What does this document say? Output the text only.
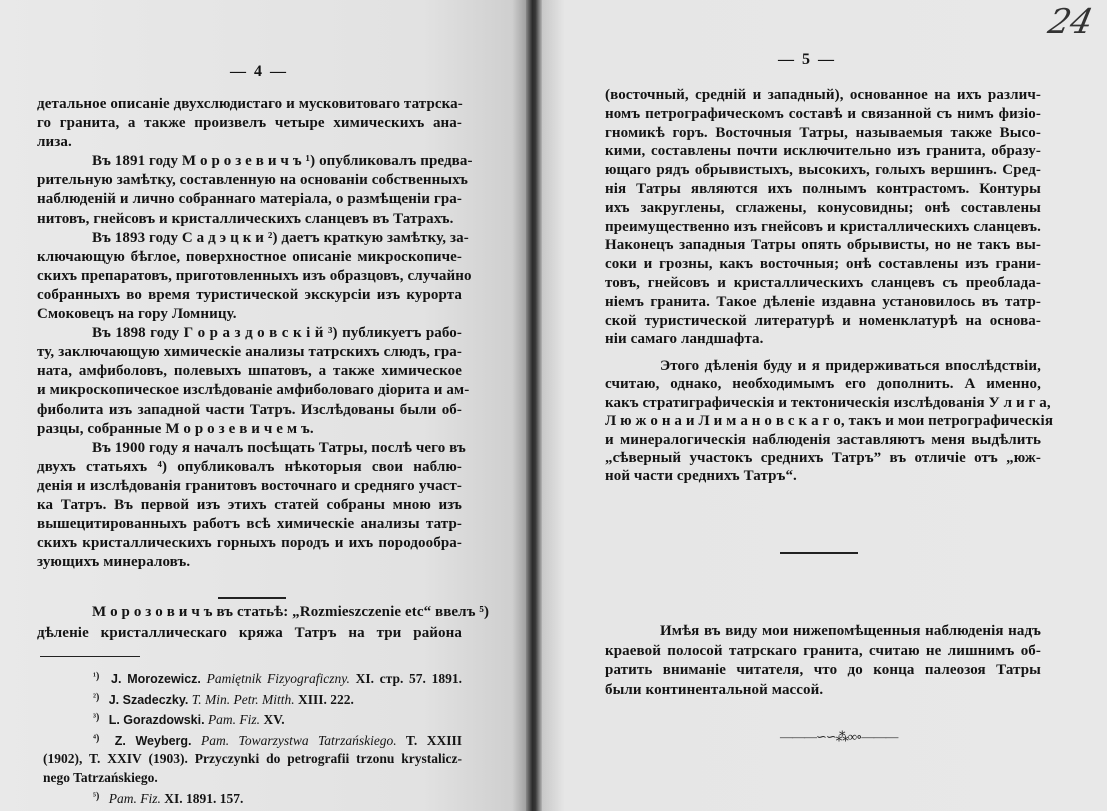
— 4 —
детальное описаніе двухслюдистаго и мусковитоваго татрска-
го гранита, а также произвелъ четыре химическихъ ана-
лиза.
Въ 1891 году М о р о з е в и ч ъ ¹) опубликовалъ предва-
рительную замѣтку, составленную на основаніи собственныхъ
наблюденій и лично собраннаго матеріала, о размѣщеніи гра-
нитовъ, гнейсовъ и кристаллическихъ сланцевъ въ Татрахъ.
Въ 1893 году С а д э ц к и ²) даетъ краткую замѣтку, за-
ключающую бѣглое, поверхностное описаніе микроскопиче-
скихъ препаратовъ, приготовленныхъ изъ образцовъ, случайно
собранныхъ во время туристической экскурсіи изъ курорта
Смоковецъ на гору Ломницу.
Въ 1898 году Г о р а з д о в с к і й ³) публикуетъ рабо-
ту, заключающую химическіе анализы татрскихъ слюдъ, гра-
ната, амфиболовъ, полевыхъ шпатовъ, а также химическое
и микроскопическое изслѣдованіе амфиболоваго діорита и ам-
фиболита изъ западной части Татръ. Изслѣдованы были об-
разцы, собранные М о р о з е в и ч е м ъ.
Въ 1900 году я началъ посѣщать Татры, послѣ чего въ
двухъ статьяхъ ⁴) опубликовалъ нѣкоторыя свои наблю-
денія и изслѣдованія гранитовъ восточнаго и средняго участ-
ка Татръ. Въ первой изъ этихъ статей собраны мною изъ
вышецитированныхъ работъ всѣ химическіе анализы татр-
скихъ кристаллическихъ горныхъ породъ и ихъ породообра-
зующихъ минераловъ.
М о р о з о в и ч ъ въ статьѣ: „Rozmieszczenie etc“ ввелъ ⁵)
дѣленіе кристаллическаго кряжа Татръ на три района
$^{^1)}$ J. Morozewicz. Pamiętnik Fizyograficzny. XI. стр. 57. 1891.
$^{^2)}$ J. Szadeczky. T. Min. Petr. Mitth. XIII. 222.
$^{^3)}$ L. Gorazdowski. Pam. Fiz. XV.
$^{^4)}$ Z. Weyberg. Pam. Towarzystwa Tatrzańskiego. T. XXIII
(1902), T. XXIV (1903). Przyczynki do petrografii trzonu krystalicz-
nego Tatrzańskiego.
$^{^5)}$ Pam. Fiz. XI. 1891. 157.
— 5 —
24
(восточный, средній и западный), основанное на ихъ различ-
номъ петрографическомъ составѣ и связанной съ нимъ физіо-
гномикѣ горъ. Восточныя Татры, называемыя также Высо-
кими, составлены почти исключительно изъ гранита, образу-
ющаго рядъ обрывистыхъ, высокихъ, голыхъ вершинъ. Сред-
нія Татры являются ихъ полнымъ контрастомъ. Контуры
ихъ закруглены, сглажены, конусовидны; онѣ составлены
преимущественно изъ гнейсовъ и кристаллическихъ сланцевъ.
Наконецъ западныя Татры опять обрывисты, но не такъ вы-
соки и грозны, какъ восточныя; онѣ составлены изъ грани-
товъ, гнейсовъ и кристаллическихъ сланцевъ съ преоблада-
ніемъ гранита. Такое дѣленіе издавна установилось въ татр-
ской туристической литературѣ и номенклатурѣ на основа-
ніи самаго ландшафта.
Этого дѣленія буду и я придерживаться впослѣдствіи,
считаю, однако, необходимымъ его дополнить. А именно,
какъ стратиграфическія и тектоническія изслѣдованія У л и г а,
Л ю ж о н а и Л и м а н о в с к а г о, такъ и мои петрографическія
и минералогическія наблюденія заставляютъ меня выдѣлить
„сѣверный участокъ среднихъ Татръ” въ отличіе отъ „юж-
ной части среднихъ Татръ“.
Имѣя въ виду мои нижепомѣщенныя наблюденія надъ
краевой полосой татрскаго гранита, считаю не лишнимъ об-
ратить вниманіе читателя, что до конца палеозоя Татры
были континентальной массой.
———∽∽⁂∞∘———
